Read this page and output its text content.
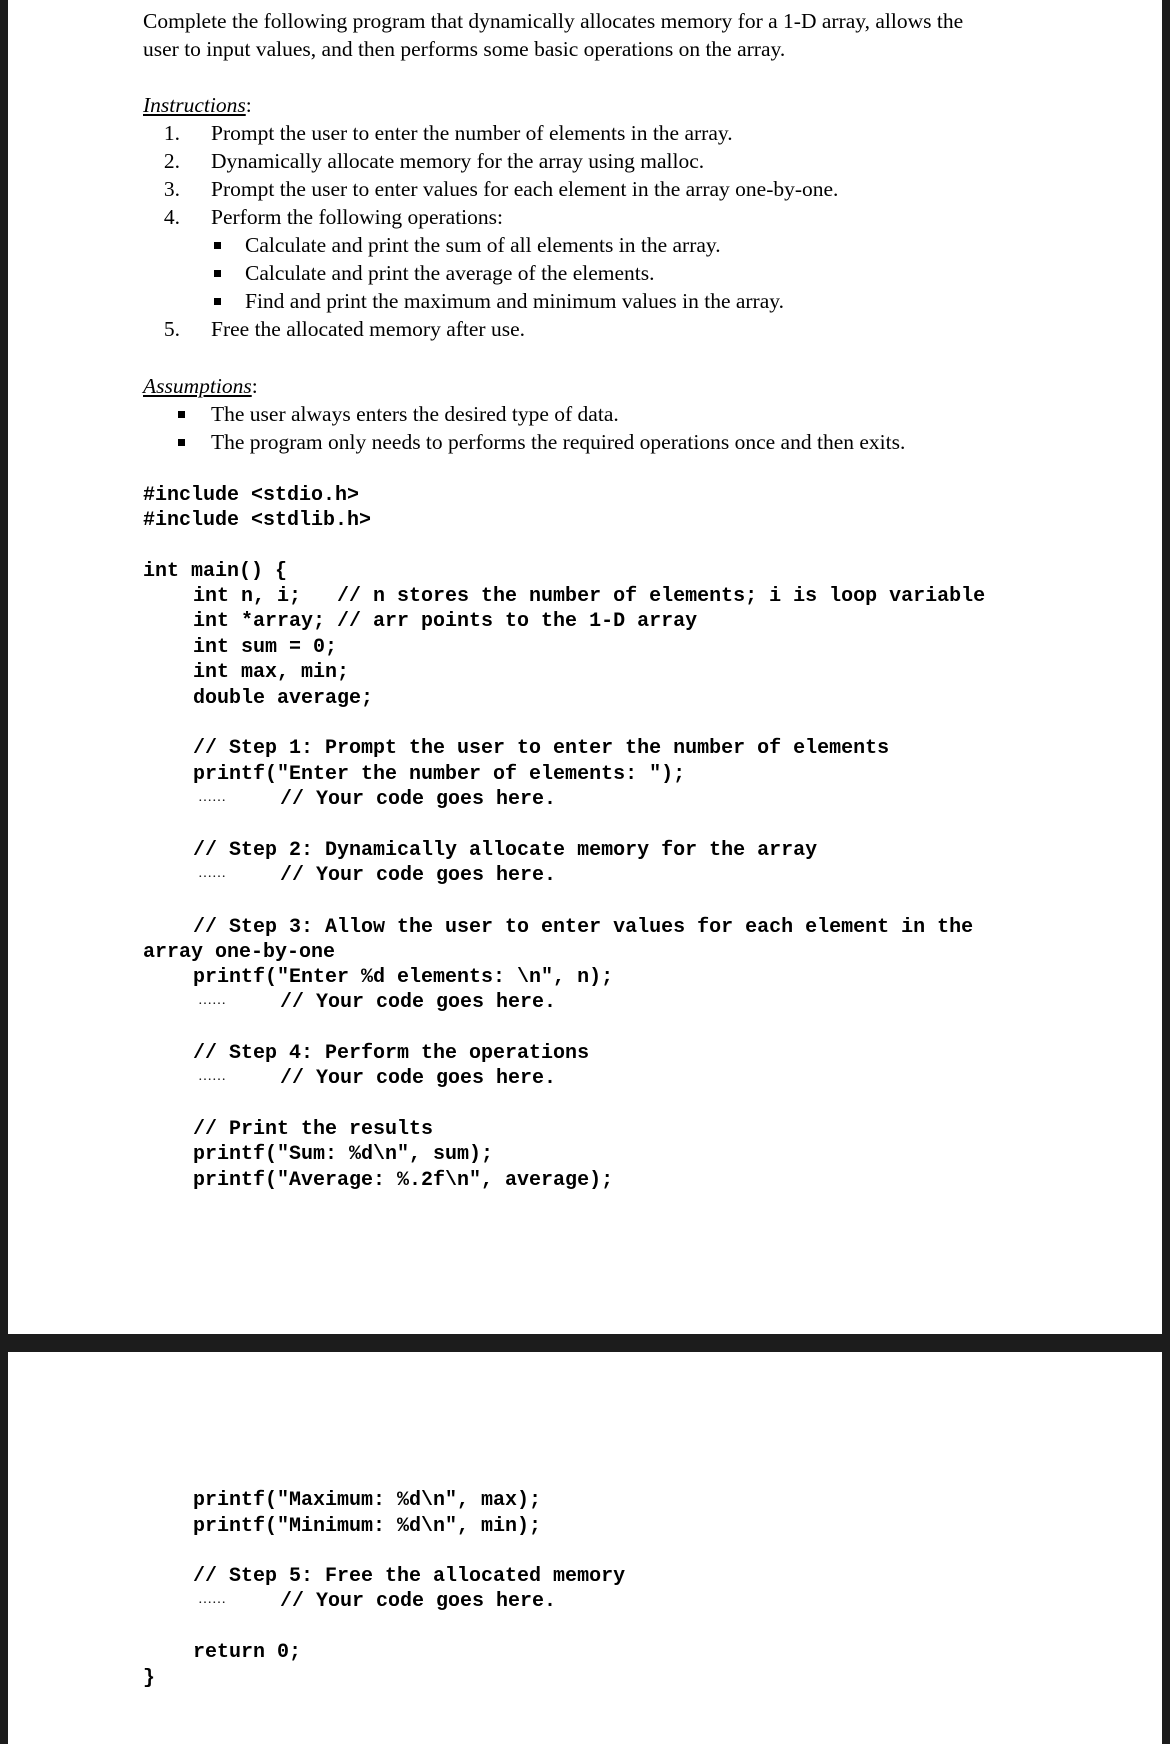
Complete the following program that dynamically allocates memory for a 1-D array, allows the
user to input values, and then performs some basic operations on the array.
Instructions:
1. Prompt the user to enter the number of elements in the array.
2. Dynamically allocate memory for the array using malloc.
3. Prompt the user to enter values for each element in the array one-by-one.
4. Perform the following operations:
Calculate and print the sum of all elements in the array.
Calculate and print the average of the elements.
Find and print the maximum and minimum values in the array.
5. Free the allocated memory after use.
Assumptions:
The user always enters the desired type of data.
The program only needs to performs the required operations once and then exits.
#include <stdio.h>
#include <stdlib.h>
int main() {
int n, i;   // n stores the number of elements; i is loop variable
int *array; // arr points to the 1-D array
int sum = 0;
int max, min;
double average;
// Step 1: Prompt the user to enter the number of elements
printf("Enter the number of elements: ");
……	// Your code goes here.
// Step 2: Dynamically allocate memory for the array
……	// Your code goes here.
// Step 3: Allow the user to enter values for each element in the
array one-by-one
printf("Enter %d elements: \n", n);
……	// Your code goes here.
// Step 4: Perform the operations
……	// Your code goes here.
// Print the results
printf("Sum: %d\n", sum);
printf("Average: %.2f\n", average);
printf("Maximum: %d\n", max);
printf("Minimum: %d\n", min);
// Step 5: Free the allocated memory
……	// Your code goes here.
return 0;
}
